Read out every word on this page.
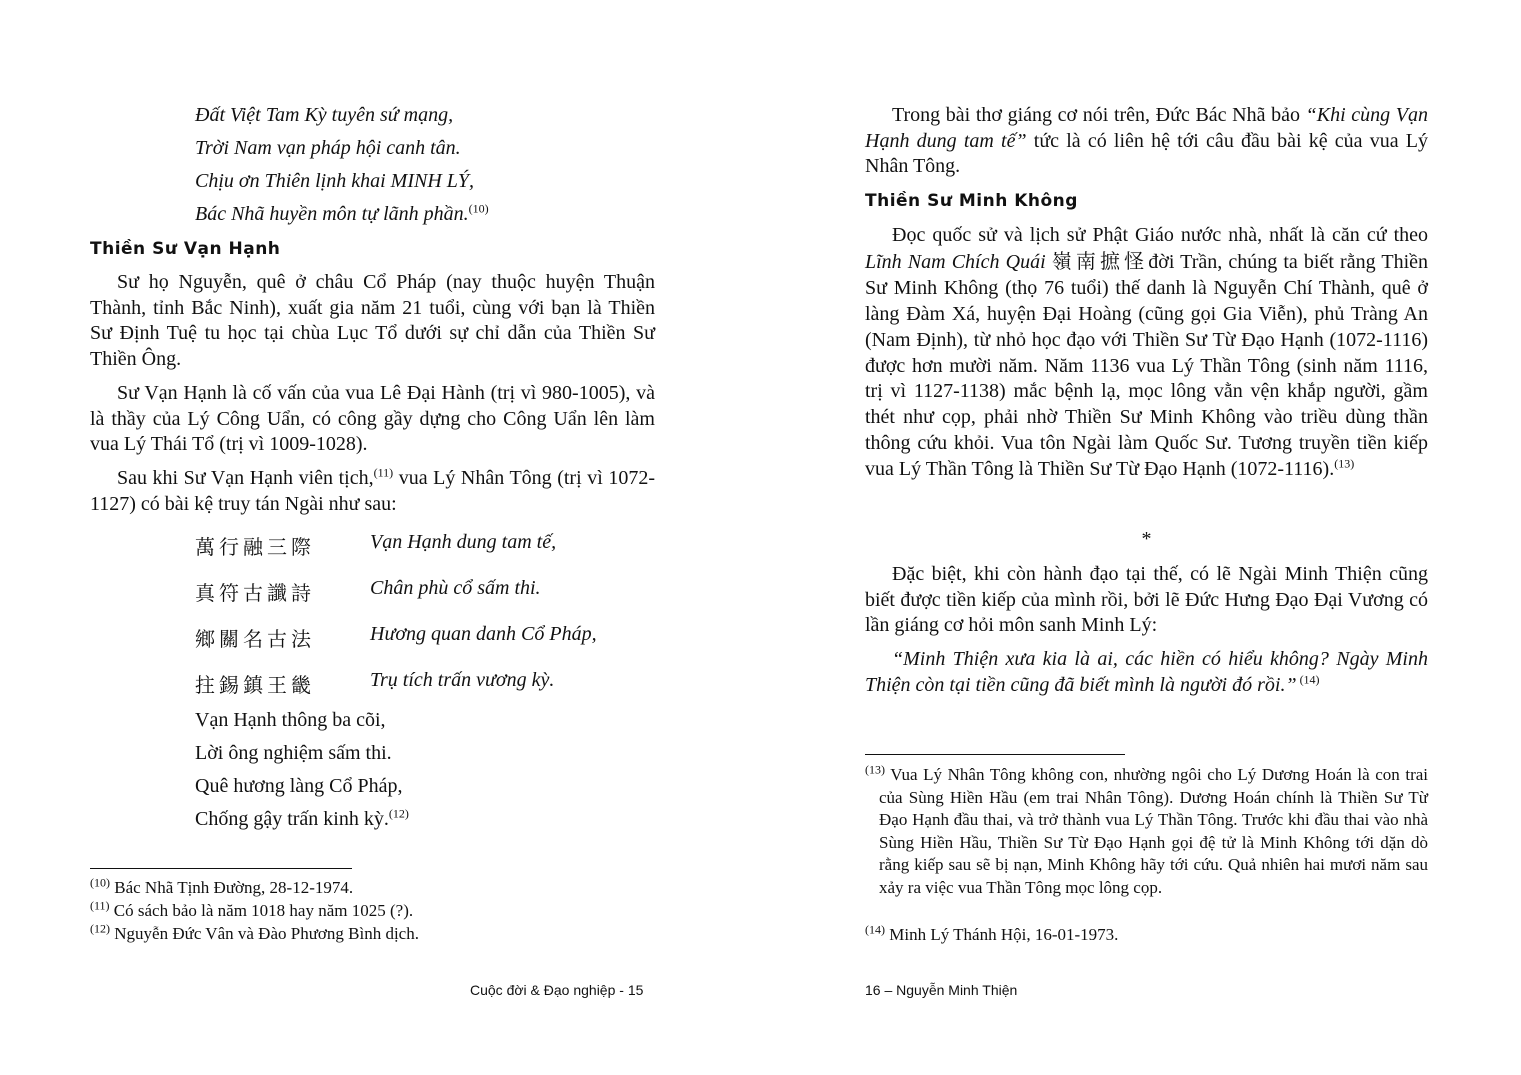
Đất Việt Tam Kỳ tuyên sứ mạng,
Trời Nam vạn pháp hội canh tân.
Chịu ơn Thiên lịnh khai MINH LÝ,
Bác Nhã huyền môn tự lãnh phần.$^{(10)}$
Thiền Sư Vạn Hạnh

Sư họ Nguyễn, quê ở châu Cổ Pháp (nay thuộc huyện Thuận Thành, tỉnh Bắc Ninh), xuất gia năm 21 tuổi, cùng với bạn là Thiền Sư Định Tuệ tu học tại chùa Lục Tổ dưới sự chỉ dẫn của Thiền Sư Thiền Ông.

Sư Vạn Hạnh là cố vấn của vua Lê Đại Hành (trị vì 980-1005), và là thầy của Lý Công Uẩn, có công gầy dựng cho Công Uẩn lên làm vua Lý Thái Tổ (trị vì 1009-1028).

Sau khi Sư Vạn Hạnh viên tịch,$^{(11)}$ vua Lý Nhân Tông (trị vì 1072-1127) có bài kệ truy tán Ngài như sau:

萬行融三際	Vạn Hạnh dung tam tế,
真符古讖詩	Chân phù cổ sấm thi.
鄉關名古法	Hương quan danh Cổ Pháp,
拄錫鎮王畿	Trụ tích trấn vương kỳ.
Vạn Hạnh thông ba cõi,
Lời ông nghiệm sấm thi.
Quê hương làng Cổ Pháp,
Chống gậy trấn kinh kỳ.$^{(12)}$
$^{(10)}$ Bác Nhã Tịnh Đường, 28-12-1974.
$^{(11)}$ Có sách bảo là năm 1018 hay năm 1025 (?).
$^{(12)}$ Nguyễn Đức Vân và Đào Phương Bình dịch.
Cuộc đời & Đạo nghiệp - 15

Trong bài thơ giáng cơ nói trên, Đức Bác Nhã bảo “Khi cùng Vạn Hạnh dung tam tế” tức là có liên hệ tới câu đầu bài kệ của vua Lý Nhân Tông.

Thiền Sư Minh Không

Đọc quốc sử và lịch sử Phật Giáo nước nhà, nhất là căn cứ theo Lĩnh Nam Chích Quái 嶺南摭怪đời Trần, chúng ta biết rằng Thiền Sư Minh Không (thọ 76 tuổi) thế danh là Nguyễn Chí Thành, quê ở làng Đàm Xá, huyện Đại Hoàng (cũng gọi Gia Viễn), phủ Tràng An (Nam Định), từ nhỏ học đạo với Thiền Sư Từ Đạo Hạnh (1072-1116) được hơn mười năm. Năm 1136 vua Lý Thần Tông (sinh năm 1116, trị vì 1127-1138) mắc bệnh lạ, mọc lông vằn vện khắp người, gầm thét như cọp, phải nhờ Thiền Sư Minh Không vào triều dùng thần thông cứu khỏi. Vua tôn Ngài làm Quốc Sư. Tương truyền tiền kiếp vua Lý Thần Tông là Thiền Sư Từ Đạo Hạnh (1072-1116).$^{(13)}$

*

Đặc biệt, khi còn hành đạo tại thế, có lẽ Ngài Minh Thiện cũng biết được tiền kiếp của mình rồi, bởi lẽ Đức Hưng Đạo Đại Vương có lần giáng cơ hỏi môn sanh Minh Lý:

“Minh Thiện xưa kia là ai, các hiền có hiểu không? Ngày Minh Thiện còn tại tiền cũng đã biết mình là người đó rồi.” $^{(14)}$

$^{(13)}$ Vua Lý Nhân Tông không con, nhường ngôi cho Lý Dương Hoán là con trai của Sùng Hiền Hầu (em trai Nhân Tông). Dương Hoán chính là Thiền Sư Từ Đạo Hạnh đầu thai, và trở thành vua Lý Thần Tông. Trước khi đầu thai vào nhà Sùng Hiền Hầu, Thiền Sư Từ Đạo Hạnh gọi đệ tử là Minh Không tới dặn dò rằng kiếp sau sẽ bị nạn, Minh Không hãy tới cứu. Quả nhiên hai mươi năm sau xảy ra việc vua Thần Tông mọc lông cọp.
$^{(14)}$ Minh Lý Thánh Hội, 16-01-1973.
16 – Nguyễn Minh Thiện
